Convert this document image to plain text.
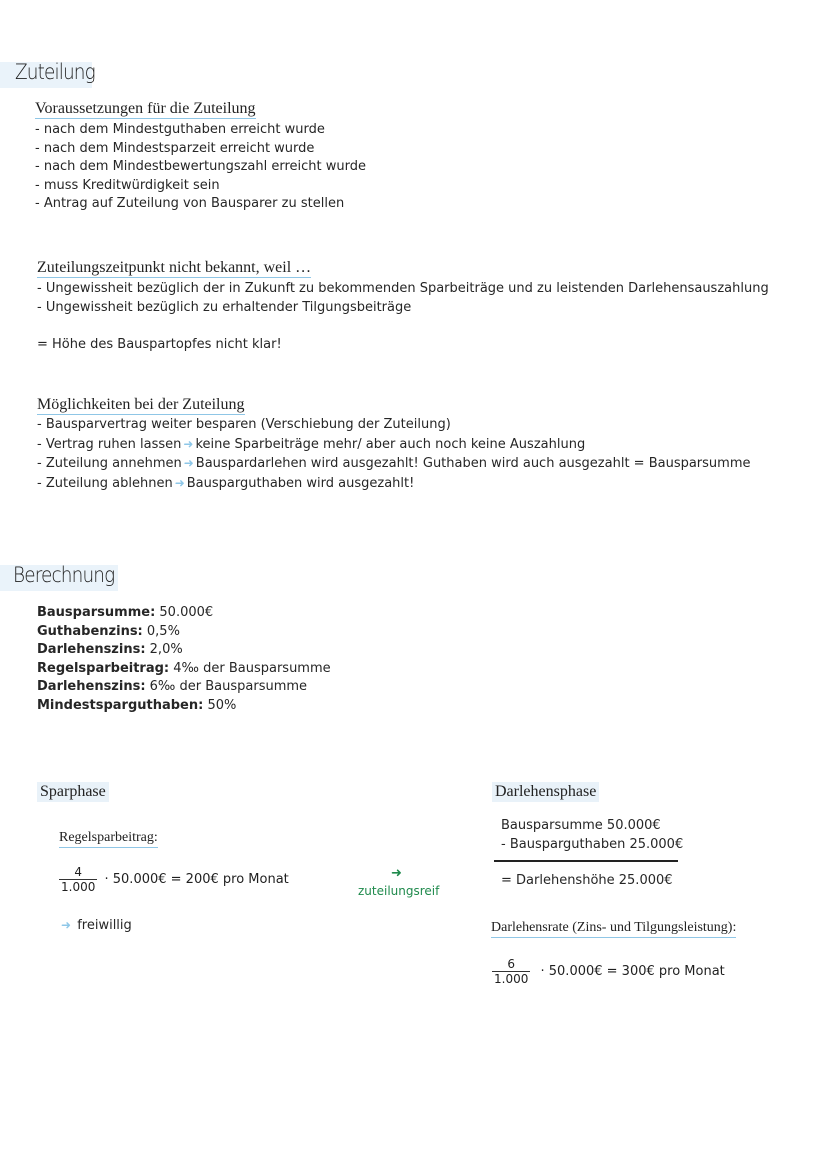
Zuteilung
Voraussetzungen für die Zuteilung
- nach dem Mindestguthaben erreicht wurde
- nach dem Mindestsparzeit erreicht wurde
- nach dem Mindestbewertungszahl erreicht wurde
- muss Kreditwürdigkeit sein
- Antrag auf Zuteilung von Bausparer zu stellen
Zuteilungszeitpunkt nicht bekannt, weil …
- Ungewissheit bezüglich der in Zukunft zu bekommenden Sparbeiträge und zu leistenden Darlehensauszahlung
- Ungewissheit bezüglich zu erhaltender Tilgungsbeiträge
= Höhe des Bauspartopfes nicht klar!
Möglichkeiten bei der Zuteilung
- Bausparvertrag weiter besparen (Verschiebung der Zuteilung)
- Vertrag ruhen lassen ➜ keine Sparbeiträge mehr/ aber auch noch keine Auszahlung
- Zuteilung annehmen ➜ Bauspardarlehen wird ausgezahlt! Guthaben wird auch ausgezahlt = Bausparsumme
- Zuteilung ablehnen ➜ Bausparguthaben wird ausgezahlt!
Berechnung
Bausparsumme: 50.000€
Guthabenzins: 0,5%
Darlehenszins: 2,0%
Regelsparbeitrag: 4‰ der Bausparsumme
Darlehenszins: 6‰ der Bausparsumme
Mindestsparguthaben: 50%
Sparphase
Regelsparbeitrag:
$\frac{4}{1.000}$ · 50.000€ = 200€ pro Monat
➜ freiwillig
➜
zuteilungsreif
Darlehensphase
Bausparsumme 50.000€
- Bausparguthaben 25.000€
= Darlehenshöhe 25.000€
Darlehensrate (Zins- und Tilgungsleistung):
$\frac{6}{1.000}$ · 50.000€ = 300€ pro Monat
